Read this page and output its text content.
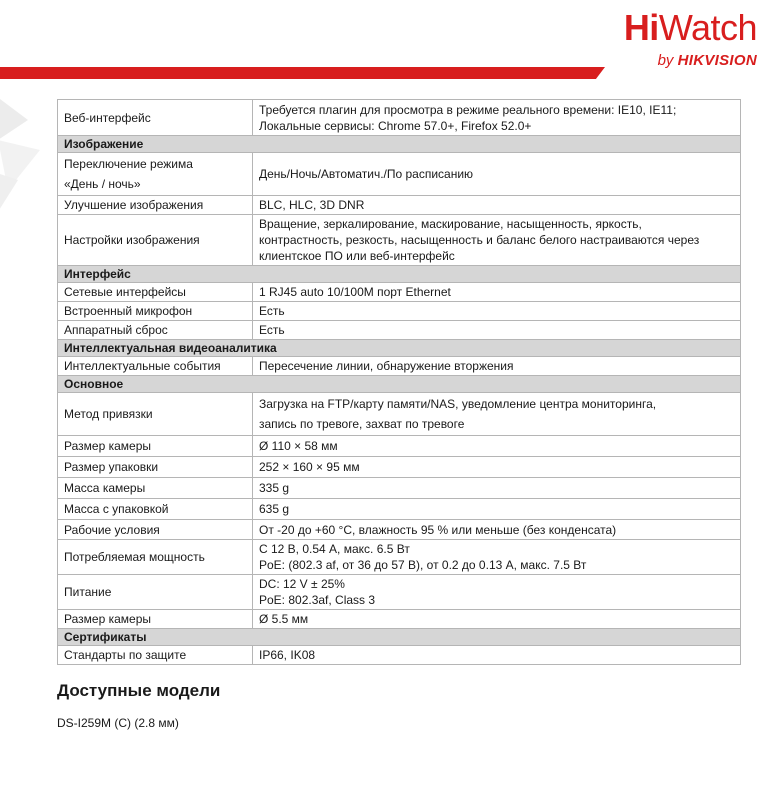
HiWatch
by HIKVISION
Веб-интерфейс	Требуется плагин для просмотра в режиме реального времени: IE10, IE11;
Локальные сервисы: Chrome 57.0+, Firefox 52.0+

Изображение	

Переключение режима
«День / ночь»	День/Ночь/Автоматич./По расписанию
Улучшение изображения	BLC, HLC, 3D DNR
Настройки изображения	Вращение, зеркалирование, маскирование, насыщенность, яркость,
контрастность, резкость, насыщенность и баланс белого настраиваются через
клиентское ПО или веб-интерфейс

Интерфейс	
Сетевые интерфейсы	1 RJ45 auto 10/100M порт Ethernet
Встроенный микрофон	Есть
Аппаратный сброс	Есть
Интеллектуальная видеоаналитика	
Интеллектуальные события	Пересечение линии, обнаружение вторжения
Основное	
Метод привязки	Загрузка на FTP/карту памяти/NAS, уведомление центра мониторинга,
запись по тревоге, захват по тревоге

Размер камеры	Ø 110 × 58 мм
Размер упаковки	252 × 160 × 95 мм
Масса камеры	335 g
Масса с упаковкой	635 g
Рабочие условия	От -20 до +60 °C, влажность 95 % или меньше (без конденсата)
Потребляемая мощность	С 12 В, 0.54 А, макс. 6.5 Вт
PoE: (802.3 af, от 36 до 57 В), от 0.2 до 0.13 А, макс. 7.5 Вт

Питание	DC: 12 V ± 25%
PoE: 802.3af, Class 3

Размер камеры	Ø 5.5 мм
Сертификаты	
Стандарты по защите	IP66, IK08
Доступные модели
DS-I259M (C) (2.8 мм)
